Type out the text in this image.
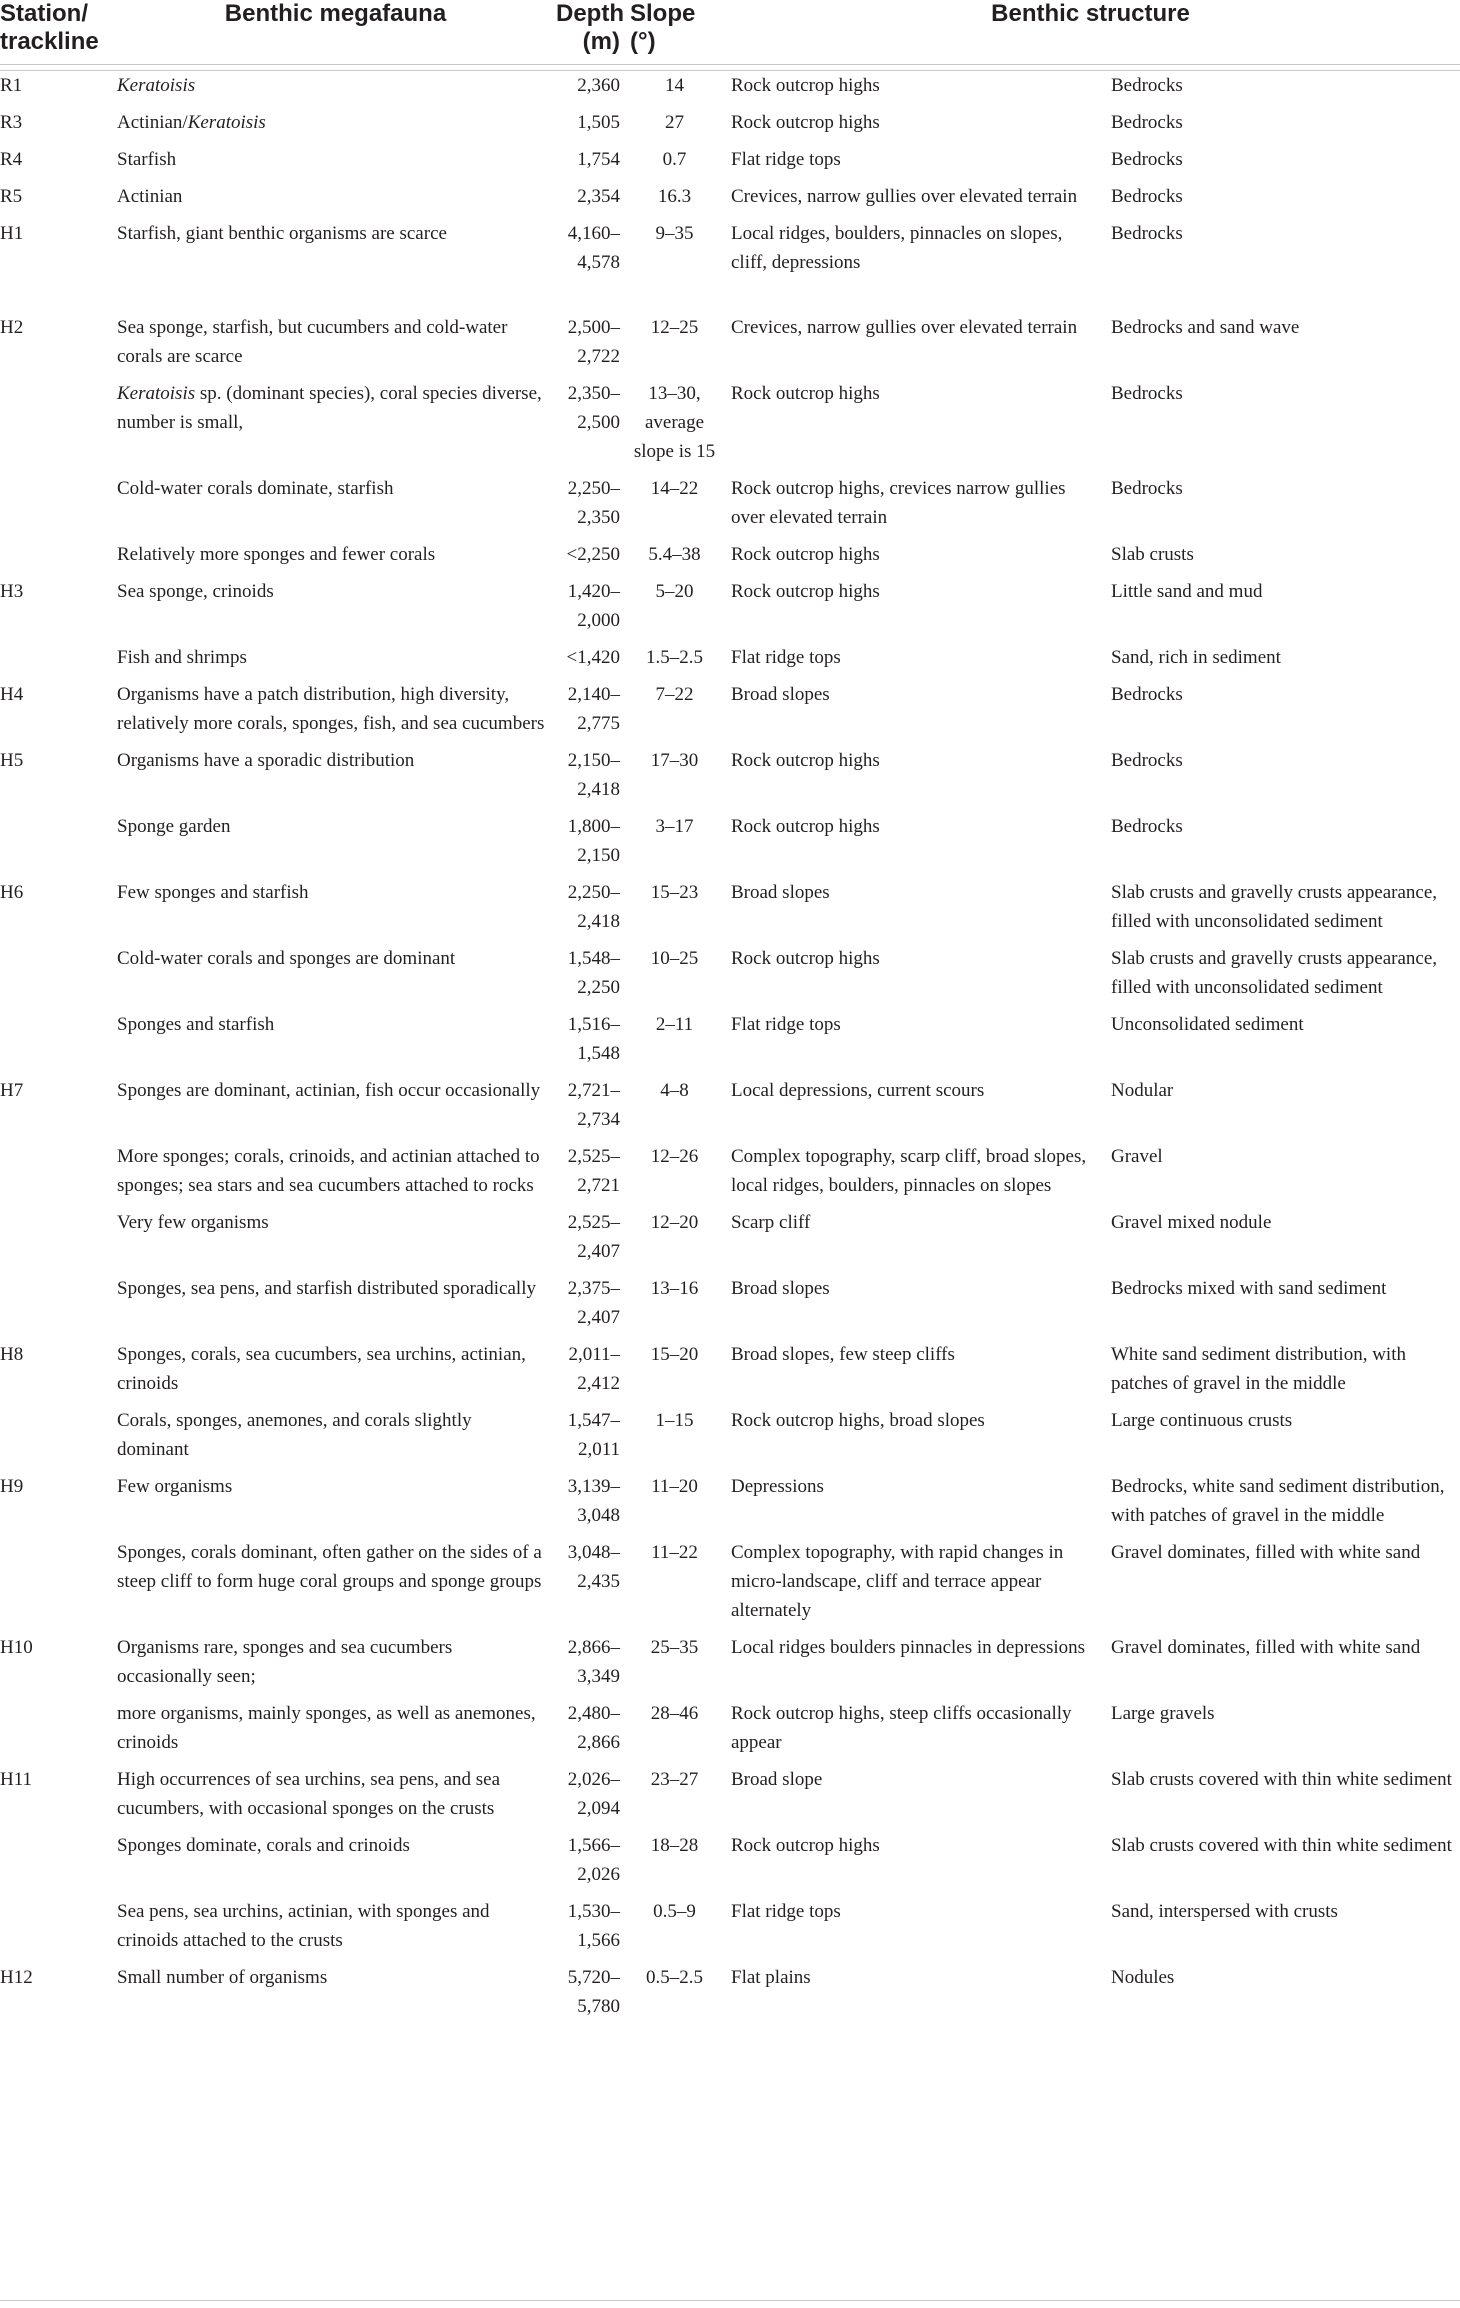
Station/ trackline	Benthic megafauna	Depth (m)	Slope (°)	Benthic structure	

R1	Keratoisis	2,360	14	Rock outcrop highs	Bedrocks
R3	Actinian/Keratoisis	1,505	27	Rock outcrop highs	Bedrocks
R4	Starfish	1,754	0.7	Flat ridge tops	Bedrocks
R5	Actinian	2,354	16.3	Crevices, narrow gullies over elevated terrain	Bedrocks
H1	Starfish, giant benthic organisms are scarce	4,160–4,578	9–35	Local ridges, boulders, pinnacles on slopes, cliff, depressions	Bedrocks
H2	Sea sponge, starfish, but cucumbers and cold-water corals are scarce	2,500–2,722	12–25	Crevices, narrow gullies over elevated terrain	Bedrocks and sand wave
	Keratoisis sp. (dominant species), coral species diverse, number is small,	2,350–2,500	13–30, average slope is 15	Rock outcrop highs	Bedrocks
	Cold-water corals dominate, starfish	2,250–2,350	14–22	Rock outcrop highs, crevices narrow gullies over elevated terrain	Bedrocks
	Relatively more sponges and fewer corals	<2,250	5.4–38	Rock outcrop highs	Slab crusts
H3	Sea sponge, crinoids	1,420–2,000	5–20	Rock outcrop highs	Little sand and mud
	Fish and shrimps	<1,420	1.5–2.5	Flat ridge tops	Sand, rich in sediment
H4	Organisms have a patch distribution, high diversity, relatively more corals, sponges, fish, and sea cucumbers	2,140–2,775	7–22	Broad slopes	Bedrocks
H5	Organisms have a sporadic distribution	2,150–2,418	17–30	Rock outcrop highs	Bedrocks
	Sponge garden	1,800–2,150	3–17	Rock outcrop highs	Bedrocks
H6	Few sponges and starfish	2,250–2,418	15–23	Broad slopes	Slab crusts and gravelly crusts appearance, filled with unconsolidated sediment
	Cold-water corals and sponges are dominant	1,548–2,250	10–25	Rock outcrop highs	Slab crusts and gravelly crusts appearance, filled with unconsolidated sediment
	Sponges and starfish	1,516–1,548	2–11	Flat ridge tops	Unconsolidated sediment
H7	Sponges are dominant, actinian, fish occur occasionally	2,721–2,734	4–8	Local depressions, current scours	Nodular
	More sponges; corals, crinoids, and actinian attached to sponges; sea stars and sea cucumbers attached to rocks	2,525–2,721	12–26	Complex topography, scarp cliff, broad slopes, local ridges, boulders, pinnacles on slopes	Gravel
	Very few organisms	2,525–2,407	12–20	Scarp cliff	Gravel mixed nodule
	Sponges, sea pens, and starfish distributed sporadically	2,375–2,407	13–16	Broad slopes	Bedrocks mixed with sand sediment
H8	Sponges, corals, sea cucumbers, sea urchins, actinian, crinoids	2,011–2,412	15–20	Broad slopes, few steep cliffs	White sand sediment distribution, with patches of gravel in the middle
	Corals, sponges, anemones, and corals slightly dominant	1,547–2,011	1–15	Rock outcrop highs, broad slopes	Large continuous crusts
H9	Few organisms	3,139–3,048	11–20	Depressions	Bedrocks, white sand sediment distribution, with patches of gravel in the middle
	Sponges, corals dominant, often gather on the sides of a steep cliff to form huge coral groups and sponge groups	3,048–2,435	11–22	Complex topography, with rapid changes in micro-landscape, cliff and terrace appear alternately	Gravel dominates, filled with white sand
H10	Organisms rare, sponges and sea cucumbers occasionally seen;	2,866–3,349	25–35	Local ridges boulders pinnacles in depressions	Gravel dominates, filled with white sand
	more organisms, mainly sponges, as well as anemones, crinoids	2,480–2,866	28–46	Rock outcrop highs, steep cliffs occasionally appear	Large gravels
H11	High occurrences of sea urchins, sea pens, and sea cucumbers, with occasional sponges on the crusts	2,026–2,094	23–27	Broad slope	Slab crusts covered with thin white sediment
	Sponges dominate, corals and crinoids	1,566–2,026	18–28	Rock outcrop highs	Slab crusts covered with thin white sediment
	Sea pens, sea urchins, actinian, with sponges and crinoids attached to the crusts	1,530–1,566	0.5–9	Flat ridge tops	Sand, interspersed with crusts
H12	Small number of organisms	5,720–5,780	0.5–2.5	Flat plains	Nodules
